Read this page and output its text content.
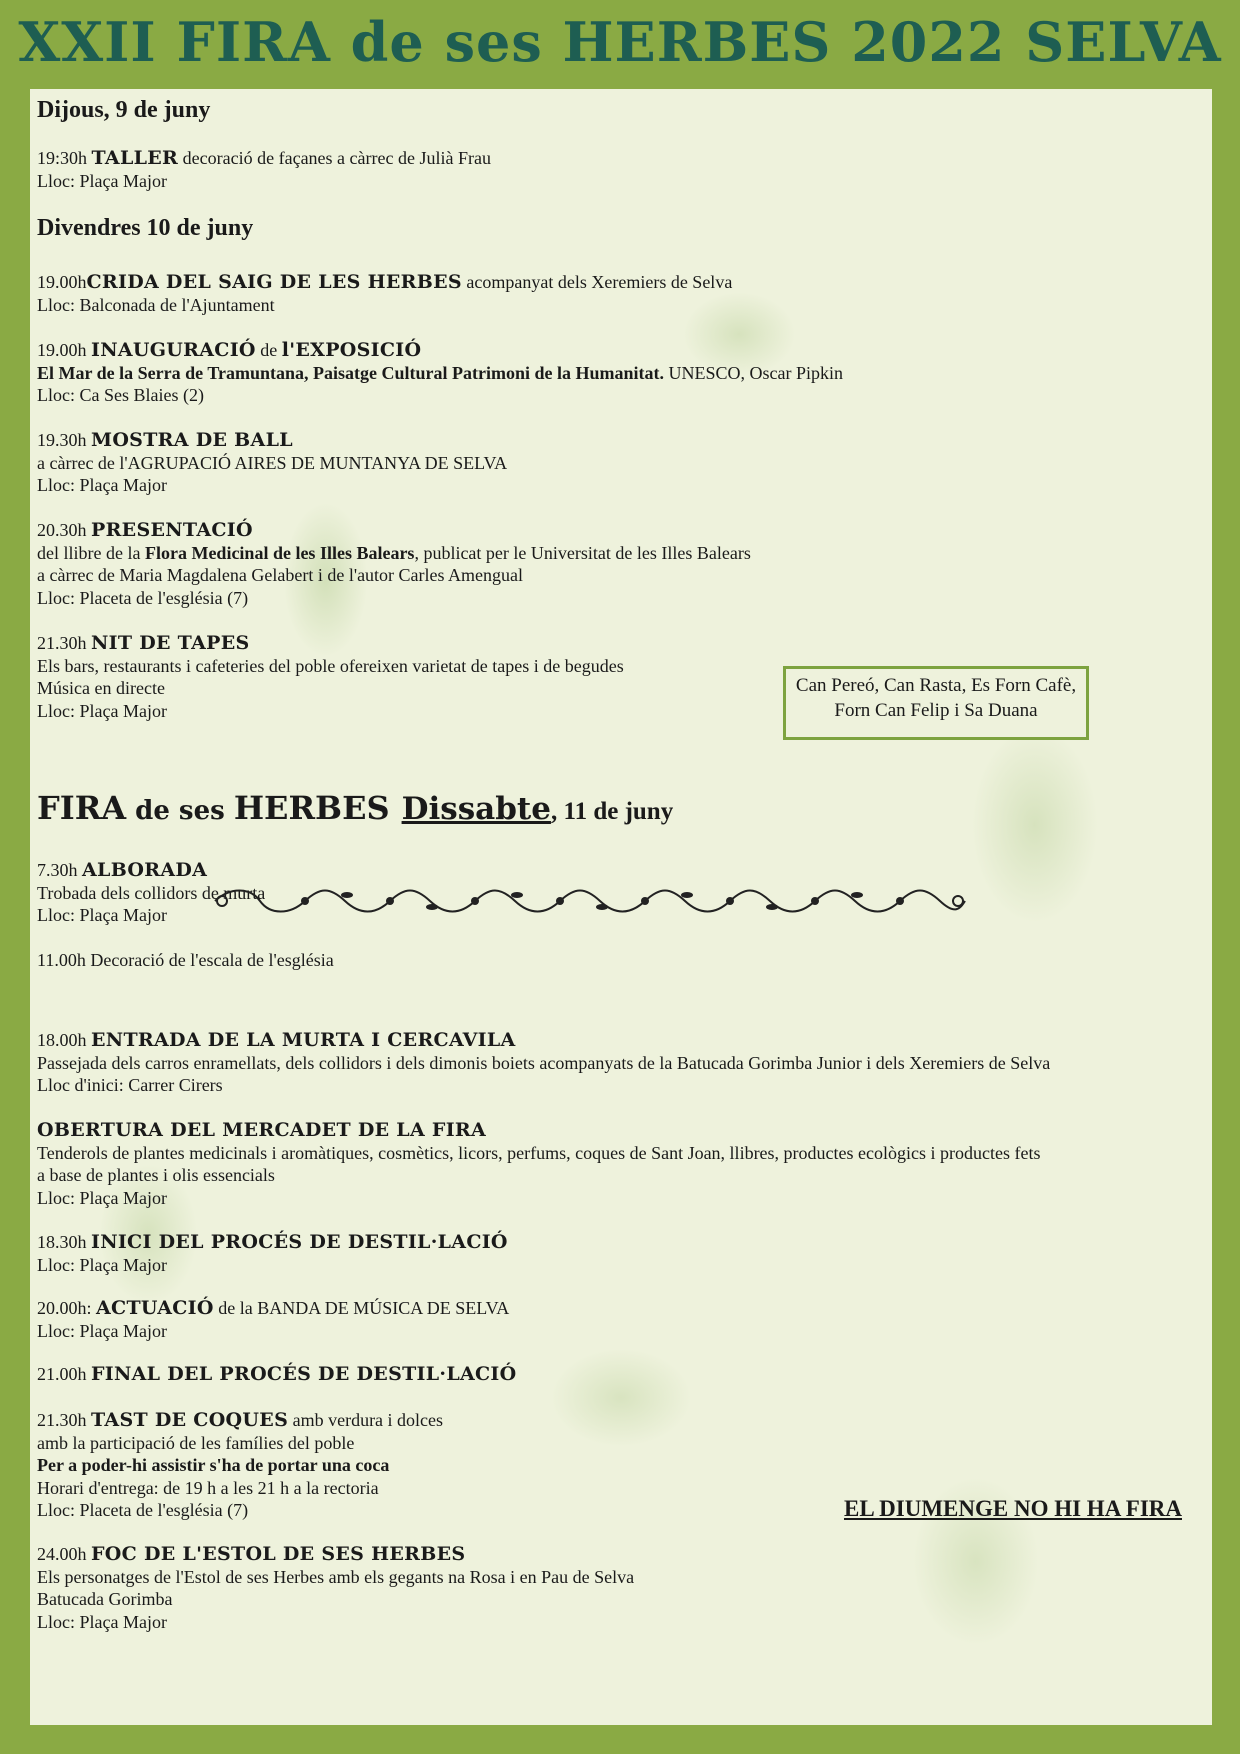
XXII FIRA de ses HERBES 2022 SELVA
Dijous, 9 de juny
19:30h TALLER decoració de façanes a càrrec de Julià Frau
Lloc: Plaça Major
Divendres 10 de juny
19.00hCRIDA DEL SAIG DE LES HERBES acompanyat dels Xeremiers de Selva
Lloc: Balconada de l'Ajuntament
19.00h INAUGURACIÓ de l'EXPOSICIÓ
El Mar de la Serra de Tramuntana, Paisatge Cultural Patrimoni de la Humanitat. UNESCO, Oscar Pipkin
Lloc: Ca Ses Blaies (2)
19.30h MOSTRA DE BALL
a càrrec de l'AGRUPACIÓ AIRES DE MUNTANYA DE SELVA
Lloc: Plaça Major
20.30h PRESENTACIÓ
del llibre de la Flora Medicinal de les Illes Balears, publicat per le Universitat de les Illes Balears
a càrrec de Maria Magdalena Gelabert i de l'autor Carles Amengual
Lloc: Placeta de l'església (7)
21.30h NIT DE TAPES
Els bars, restaurants i cafeteries del poble ofereixen varietat de tapes i de begudes
Música en directe
Lloc: Plaça Major
Can Pereó, Can Rasta, Es Forn Cafè,
Forn Can Felip i Sa Duana
FIRA de ses HERBES Dissabte, 11 de juny
7.30h ALBORADA
Trobada dels collidors de murta
Lloc: Plaça Major
11.00h Decoració de l'escala de l'església
18.00h ENTRADA DE LA MURTA I CERCAVILA
Passejada dels carros enramellats, dels collidors i dels dimonis boiets acompanyats de la Batucada Gorimba Junior i dels Xeremiers de Selva
Lloc d'inici: Carrer Cirers
OBERTURA DEL MERCADET DE LA FIRA
Tenderols de plantes medicinals i aromàtiques, cosmètics, licors, perfums, coques de Sant Joan, llibres, productes ecològics i productes fets
a base de plantes i olis essencials
Lloc: Plaça Major
18.30h INICI DEL PROCÉS DE DESTIL·LACIÓ
Lloc: Plaça Major
20.00h: ACTUACIÓ de la BANDA DE MÚSICA DE SELVA
Lloc: Plaça Major
21.00h FINAL DEL PROCÉS DE DESTIL·LACIÓ
21.30h TAST DE COQUES amb verdura i dolces
amb la participació de les famílies del poble
Per a poder-hi assistir s'ha de portar una coca
Horari d'entrega: de 19 h a les 21 h a la rectoria
Lloc: Placeta de l'església (7)
24.00h FOC DE L'ESTOL DE SES HERBES
Els personatges de l'Estol de ses Herbes amb els gegants na Rosa i en Pau de Selva
Batucada Gorimba
Lloc: Plaça Major
EL DIUMENGE NO HI HA FIRA
